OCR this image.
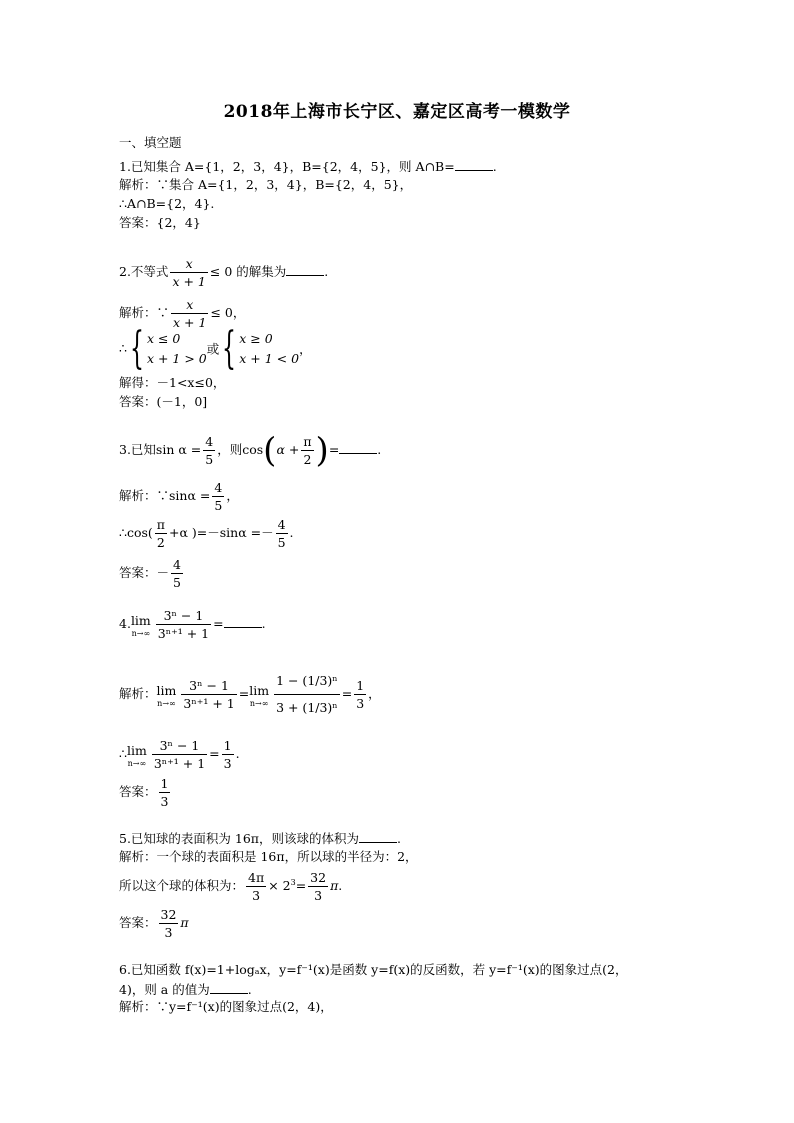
2018年上海市长宁区、嘉定区高考一模数学
一、填空题
1.已知集合 A={1，2，3，4}，B={2，4，5}，则 A∩B=	.
解析：∵集合 A={1，2，3，4}，B={2，4，5}，
∴A∩B={2，4}.
答案：{2，4}
2.不等式 $\frac{x}{x + 1} \le 0$ 的解集为	.
解析：∵ $\frac{x}{x + 1} \le 0$，
∴{ x ≤ 0
x + 1 > 0或{ x ≥ 0
x + 1 < 0，
解得：－1<x≤0，
答案：(－1，0]
3.已知$\sin \alpha = \frac{4}{5}$ ，则$\cos(\alpha + \frac{\pi}{2}$ )=	.
解析：∵sinα = $\frac{4}{5}$ ，
∴cos( $\frac{\pi}{2} +\alpha$ )$=-\sin\alpha =- \frac{4}{5}$ .
答案：－ $\frac{4}{5}$
4. lim
$n\to\infty \frac{\text{3ⁿ − 1}}{\text{3ⁿ⁺¹ + 1}}$ =	.
解析： lim
$n\to\infty \frac{\text{3ⁿ − 1}}{\text{3ⁿ⁺¹ + 1}} = \lim$
$n\to\infty \frac{\text{1 − (1/3)ⁿ}}{\text{3 + (1/3)ⁿ}} = \frac{1}{3}$ ，
∴ lim
$n\to\infty \frac{\text{3ⁿ − 1}}{\text{3ⁿ⁺¹ + 1}} = \frac{1}{3}$ .
答案： $\frac{1}{3}$
5.已知球的表面积为 16π，则该球的体积为	.
解析：一个球的表面积是 16π，所以球的半径为：2，
所以这个球的体积为： $\frac{4\pi}{3} \times 2^3= \frac{32}{3} \pi$.
答案： $\frac{32}{3}$ π
6.已知函数 f(x)=1+logₐx，y=f⁻¹(x)是函数 y=f(x)的反函数，若 y=f⁻¹(x)的图象过点(2，
4)，则 a 的值为	.
解析：∵y=f⁻¹(x)的图象过点(2，4)，
